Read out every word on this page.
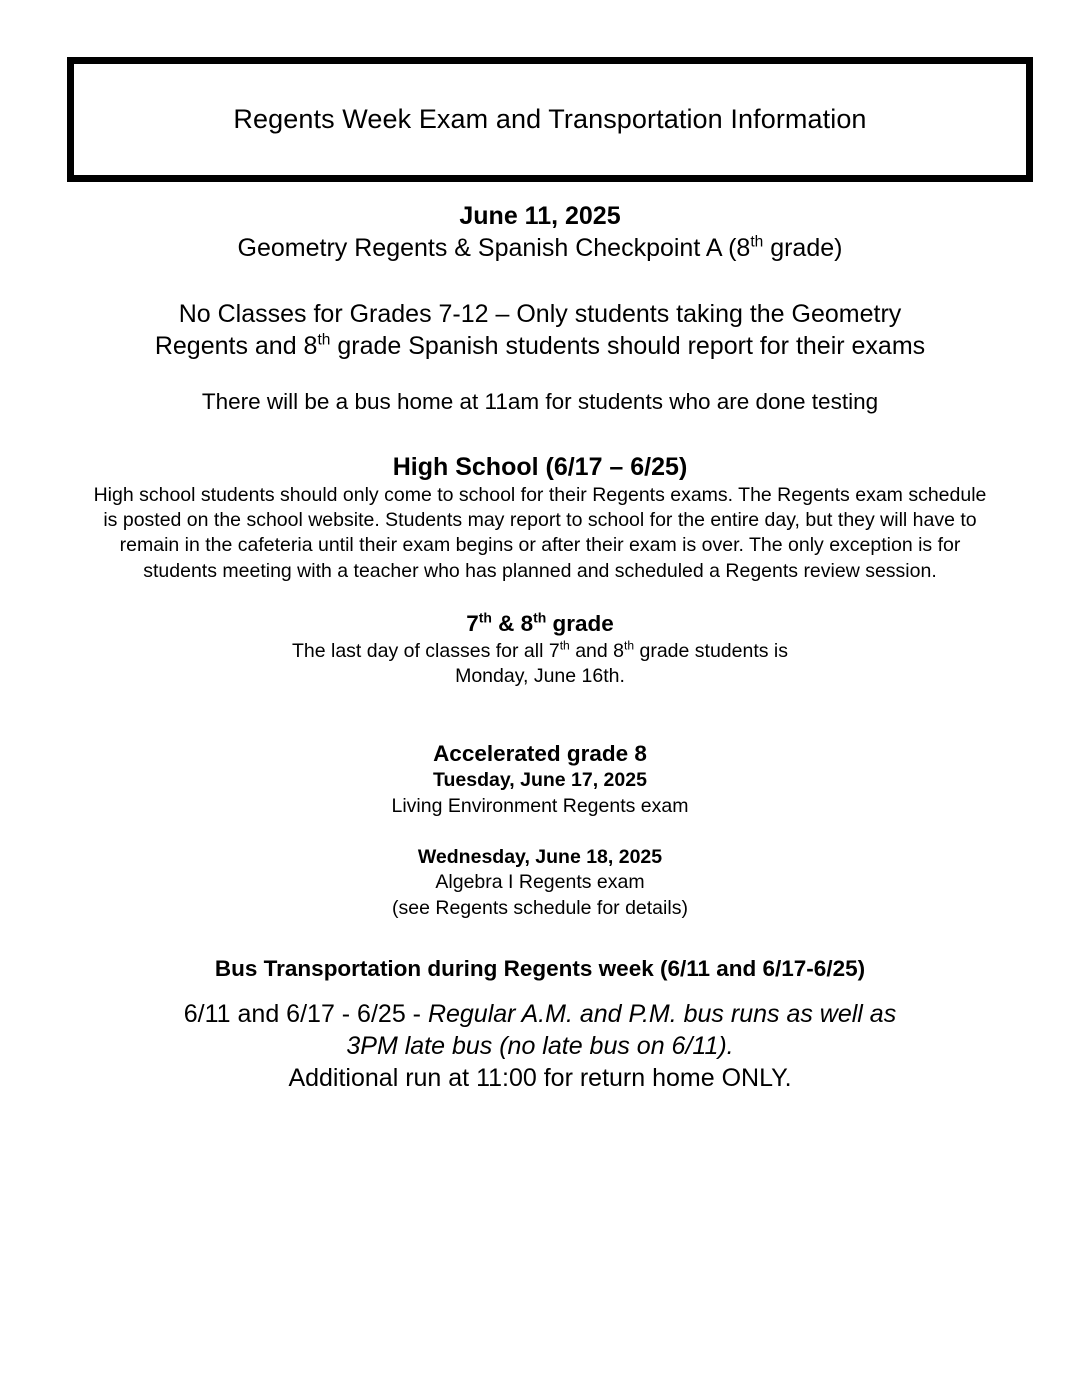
Regents Week Exam and Transportation Information
June 11, 2025
Geometry Regents & Spanish Checkpoint A (8th grade)
No Classes for Grades 7-12 – Only students taking the Geometry
Regents and 8th grade Spanish students should report for their exams
There will be a bus home at 11am for students who are done testing
High School (6/17 – 6/25)
High school students should only come to school for their Regents exams. The Regents exam schedule is posted on the school website. Students may report to school for the entire day, but they will have to remain in the cafeteria until their exam begins or after their exam is over. The only exception is for students meeting with a teacher who has planned and scheduled a Regents review session.
7th & 8th grade
The last day of classes for all 7th and 8th grade students is
Monday, June 16th.
Accelerated grade 8
Tuesday, June 17, 2025
Living Environment Regents exam
Wednesday, June 18, 2025
Algebra I Regents exam
(see Regents schedule for details)
Bus Transportation during Regents week (6/11 and 6/17-6/25)
6/11 and 6/17 - 6/25 - Regular A.M. and P.M. bus runs as well as
3PM late bus (no late bus on 6/11).
Additional run at 11:00 for return home ONLY.
